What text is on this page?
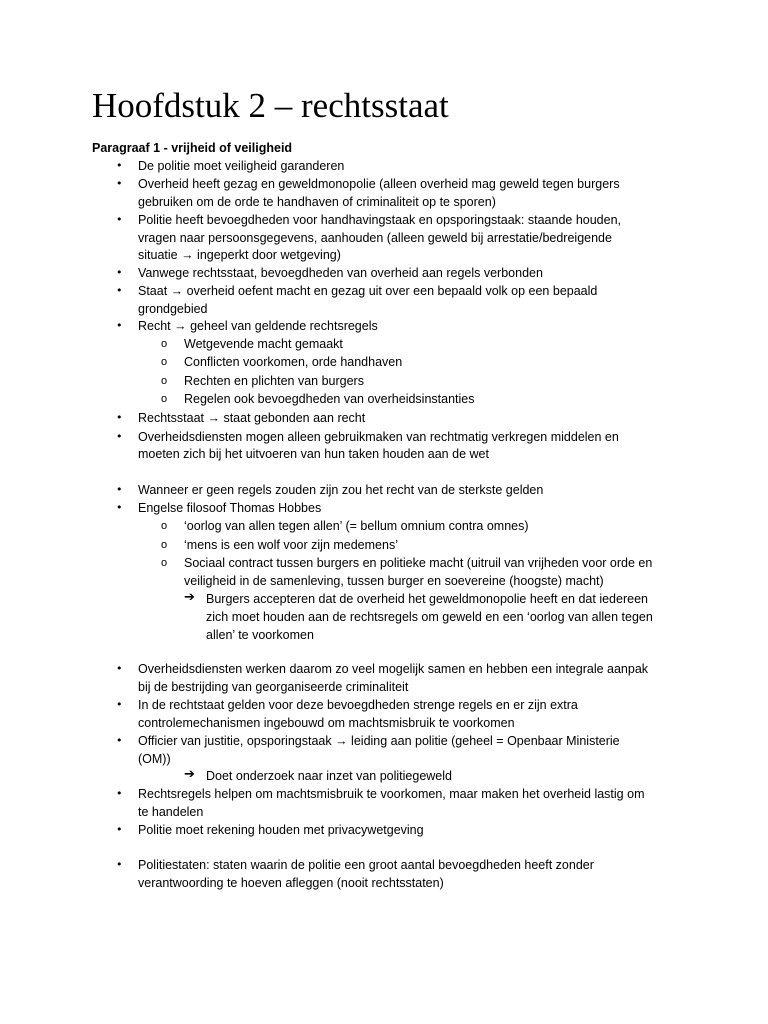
Hoofdstuk 2 – rechtsstaat
Paragraaf 1 - vrijheid of veiligheid
• De politie moet veiligheid garanderen
• Overheid heeft gezag en geweldmonopolie (alleen overheid mag geweld tegen burgers
gebruiken om de orde te handhaven of criminaliteit op te sporen)
• Politie heeft bevoegdheden voor handhavingstaak en opsporingstaak: staande houden,
vragen naar persoonsgegevens, aanhouden (alleen geweld bij arrestatie/bedreigende
situatie → ingeperkt door wetgeving)
• Vanwege rechtsstaat, bevoegdheden van overheid aan regels verbonden
• Staat → overheid oefent macht en gezag uit over een bepaald volk op een bepaald
grondgebied
• Recht → geheel van geldende rechtsregels
o Wetgevende macht gemaakt
o Conflicten voorkomen, orde handhaven
o Rechten en plichten van burgers
o Regelen ook bevoegdheden van overheidsinstanties
• Rechtsstaat → staat gebonden aan recht
• Overheidsdiensten mogen alleen gebruikmaken van rechtmatig verkregen middelen en
moeten zich bij het uitvoeren van hun taken houden aan de wet
• Wanneer er geen regels zouden zijn zou het recht van de sterkste gelden
• Engelse filosoof Thomas Hobbes
o ‘oorlog van allen tegen allen’ (= bellum omnium contra omnes)
o ‘mens is een wolf voor zijn medemens’
o Sociaal contract tussen burgers en politieke macht (uitruil van vrijheden voor orde en
veiligheid in de samenleving, tussen burger en soevereine (hoogste) macht)
➔ Burgers accepteren dat de overheid het geweldmonopolie heeft en dat iedereen
zich moet houden aan de rechtsregels om geweld en een ‘oorlog van allen tegen
allen’ te voorkomen
• Overheidsdiensten werken daarom zo veel mogelijk samen en hebben een integrale aanpak
bij de bestrijding van georganiseerde criminaliteit
• In de rechtstaat gelden voor deze bevoegdheden strenge regels en er zijn extra
controlemechanismen ingebouwd om machtsmisbruik te voorkomen
• Officier van justitie, opsporingstaak → leiding aan politie (geheel = Openbaar Ministerie
(OM))
➔ Doet onderzoek naar inzet van politiegeweld
• Rechtsregels helpen om machtsmisbruik te voorkomen, maar maken het overheid lastig om
te handelen
• Politie moet rekening houden met privacywetgeving
• Politiestaten: staten waarin de politie een groot aantal bevoegdheden heeft zonder
verantwoording te hoeven afleggen (nooit rechtsstaten)
